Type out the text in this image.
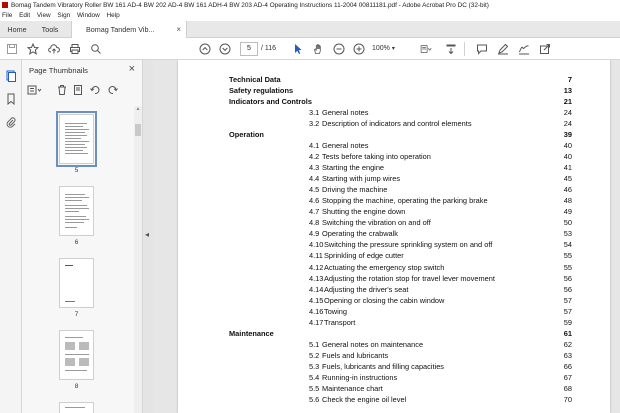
Bomag Tandem Vibratory Roller BW 161 AD-4 BW 202 AD-4 BW 161 ADH-4 BW 203 AD-4 Operating Instructions 11-2004 00811181.pdf - Adobe Acrobat Pro DC (32-bit)
File Edit View Sign Window Help
Home	Tools	Bomag Tandem Vib...	×
5	/ 116	100% ▾
Page Thumbnails	×
5
6
7
8
▲
◂
Technical Data	7
Safety regulations	13
Indicators and Controls	21
3.1 General notes	24
3.2 Description of indicators and control elements	24
Operation	39
4.1 General notes	40
4.2 Tests before taking into operation	40
4.3 Starting the engine	41
4.4 Starting with jump wires	45
4.5 Driving the machine	46
4.6 Stopping the machine, operating the parking brake	48
4.7 Shutting the engine down	49
4.8 Switching the vibration on and off	50
4.9 Operating the crabwalk	53
4.10 Switching the pressure sprinkling system on and off	54
4.11 Sprinkling of edge cutter	55
4.12 Actuating the emergency stop switch	55
4.13 Adjusting the rotation stop for travel lever movement	56
4.14 Adjusting the driver's seat	56
4.15 Opening or closing the cabin window	57
4.16 Towing	57
4.17 Transport	59
Maintenance	61
5.1 General notes on maintenance	62
5.2 Fuels and lubricants	63
5.3 Fuels, lubricants and filling capacities	66
5.4 Running-in instructions	67
5.5 Maintenance chart	68
5.6 Check the engine oil level	70
